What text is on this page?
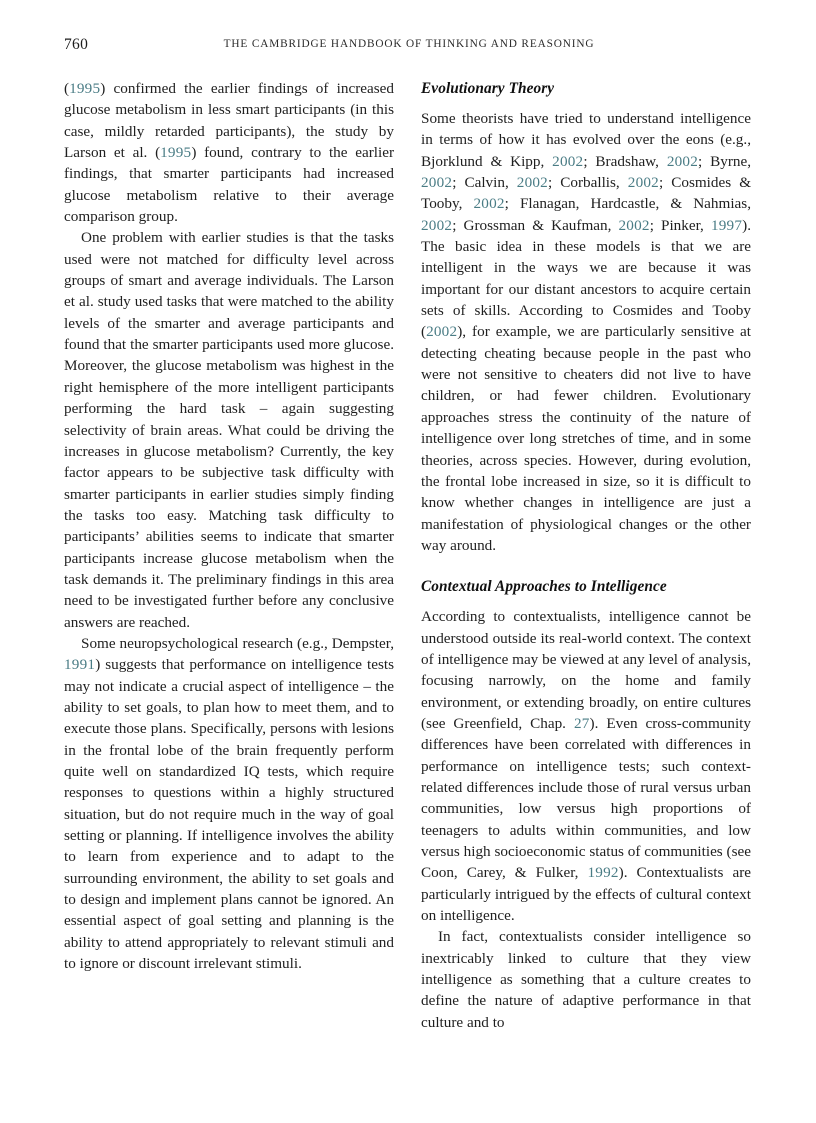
760	THE CAMBRIDGE HANDBOOK OF THINKING AND REASONING

(1995) confirmed the earlier findings of increased glucose metabolism in less smart participants (in this case, mildly retarded participants), the study by Larson et al. (1995) found, contrary to the earlier findings, that smarter participants had increased glucose metabolism relative to their average comparison group.

One problem with earlier studies is that the tasks used were not matched for difficulty level across groups of smart and average individuals. The Larson et al. study used tasks that were matched to the ability levels of the smarter and average participants and found that the smarter participants used more glucose. Moreover, the glucose metabolism was highest in the right hemisphere of the more intelligent participants performing the hard task – again suggesting selectivity of brain areas. What could be driving the increases in glucose metabolism? Currently, the key factor appears to be subjective task difficulty with smarter participants in earlier studies simply finding the tasks too easy. Matching task difficulty to participants’ abilities seems to indicate that smarter participants increase glucose metabolism when the task demands it. The preliminary findings in this area need to be investigated further before any conclusive answers are reached.

Some neuropsychological research (e.g., Dempster, 1991) suggests that performance on intelligence tests may not indicate a crucial aspect of intelligence – the ability to set goals, to plan how to meet them, and to execute those plans. Specifically, persons with lesions in the frontal lobe of the brain frequently perform quite well on standardized IQ tests, which require responses to questions within a highly structured situation, but do not require much in the way of goal setting or planning. If intelligence involves the ability to learn from experience and to adapt to the surrounding environment, the ability to set goals and to design and implement plans cannot be ignored. An essential aspect of goal setting and planning is the ability to attend appropriately to relevant stimuli and to ignore or discount irrelevant stimuli.

Evolutionary Theory

Some theorists have tried to understand intelligence in terms of how it has evolved over the eons (e.g., Bjorklund & Kipp, 2002; Bradshaw, 2002; Byrne, 2002; Calvin, 2002; Corballis, 2002; Cosmides & Tooby, 2002; Flanagan, Hardcastle, & Nahmias, 2002; Grossman & Kaufman, 2002; Pinker, 1997). The basic idea in these models is that we are intelligent in the ways we are because it was important for our distant ancestors to acquire certain sets of skills. According to Cosmides and Tooby (2002), for example, we are particularly sensitive at detecting cheating because people in the past who were not sensitive to cheaters did not live to have children, or had fewer children. Evolutionary approaches stress the continuity of the nature of intelligence over long stretches of time, and in some theories, across species. However, during evolution, the frontal lobe increased in size, so it is difficult to know whether changes in intelligence are just a manifestation of physiological changes or the other way around.

Contextual Approaches to Intelligence

According to contextualists, intelligence cannot be understood outside its real-world context. The context of intelligence may be viewed at any level of analysis, focusing narrowly, on the home and family environment, or extending broadly, on entire cultures (see Greenfield, Chap. 27). Even cross-community differences have been correlated with differences in performance on intelligence tests; such context-related differences include those of rural versus urban communities, low versus high proportions of teenagers to adults within communities, and low versus high socioeconomic status of communities (see Coon, Carey, & Fulker, 1992). Contextualists are particularly intrigued by the effects of cultural context on intelligence.

In fact, contextualists consider intelligence so inextricably linked to culture that they view intelligence as something that a culture creates to define the nature of adaptive performance in that culture and to
